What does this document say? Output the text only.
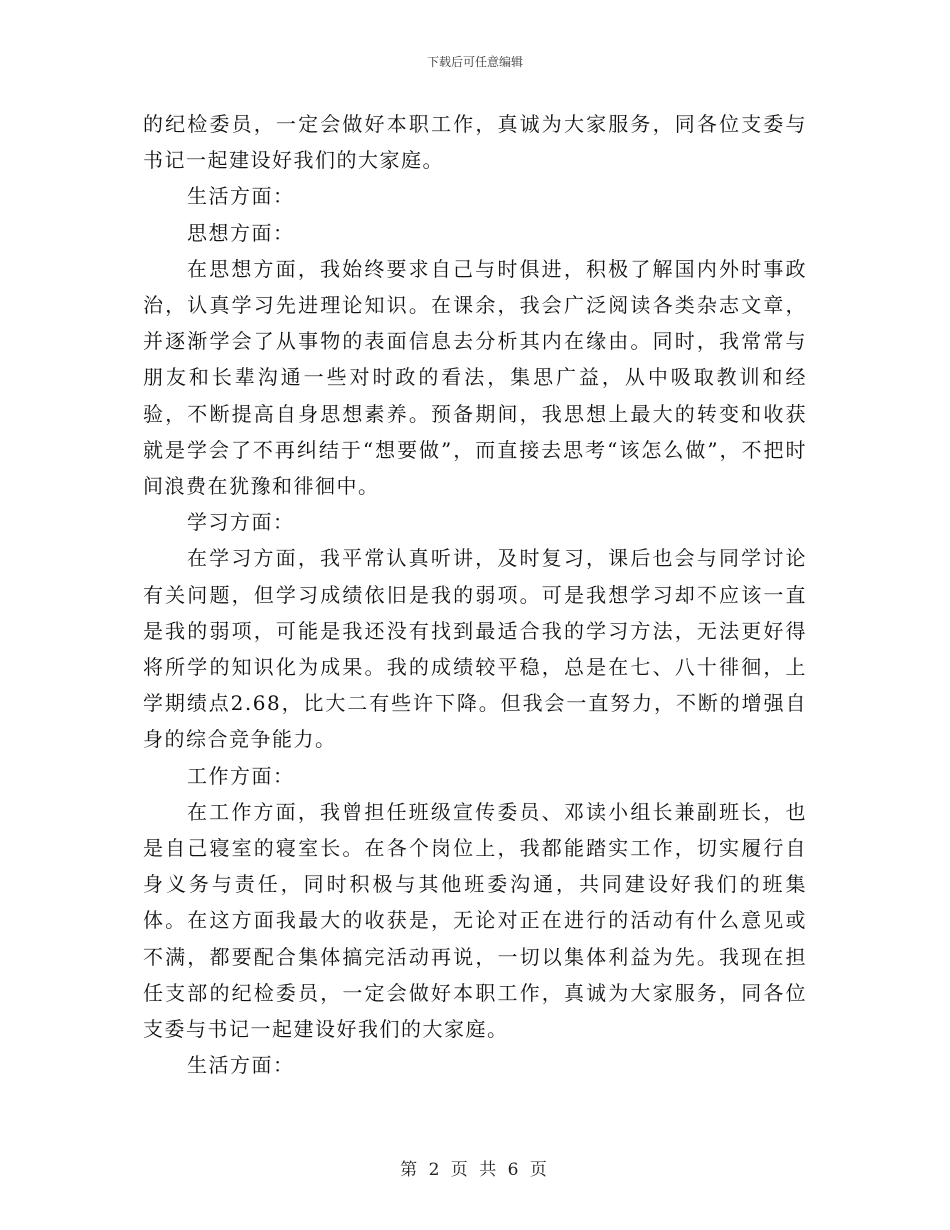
下载后可任意编辑

的纪检委员，一定会做好本职工作，真诚为大家服务，同各位支委与书记一起建设好我们的大家庭。

生活方面：

思想方面：

在思想方面，我始终要求自己与时俱进，积极了解国内外时事政治，认真学习先进理论知识。在课余，我会广泛阅读各类杂志文章，并逐渐学会了从事物的表面信息去分析其内在缘由。同时，我常常与朋友和长辈沟通一些对时政的看法，集思广益，从中吸取教训和经验，不断提高自身思想素养。预备期间，我思想上最大的转变和收获就是学会了不再纠结于“想要做”，而直接去思考“该怎么做”，不把时间浪费在犹豫和徘徊中。

学习方面：

在学习方面，我平常认真听讲，及时复习，课后也会与同学讨论有关问题，但学习成绩依旧是我的弱项。可是我想学习却不应该一直是我的弱项，可能是我还没有找到最适合我的学习方法，无法更好得将所学的知识化为成果。我的成绩较平稳，总是在七、八十徘徊，上学期绩点2.68，比大二有些许下降。但我会一直努力，不断的增强自身的综合竞争能力。

工作方面：

在工作方面，我曾担任班级宣传委员、邓读小组长兼副班长，也是自己寝室的寝室长。在各个岗位上，我都能踏实工作，切实履行自身义务与责任，同时积极与其他班委沟通，共同建设好我们的班集体。在这方面我最大的收获是，无论对正在进行的活动有什么意见或不满，都要配合集体搞完活动再说，一切以集体利益为先。我现在担任支部的纪检委员，一定会做好本职工作，真诚为大家服务，同各位支委与书记一起建设好我们的大家庭。

生活方面：

第 2 页 共 6 页
